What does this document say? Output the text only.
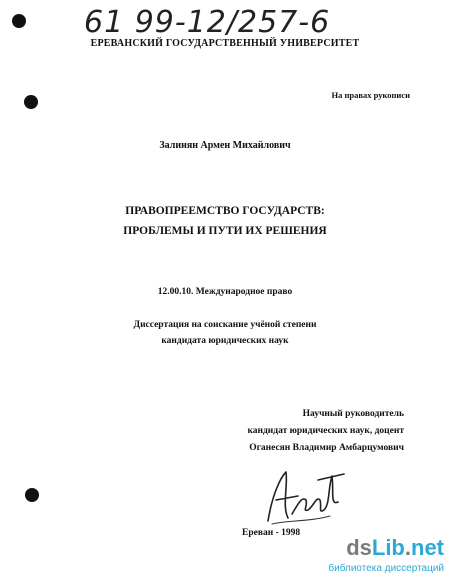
61 99-12/257-6
ЕРЕВАНСКИЙ ГОСУДАРСТВЕННЫЙ УНИВЕРСИТЕТ
На правах рукописи
Залинян Армен Михайлович
ПРАВОПРЕЕМСТВО ГОСУДАРСТВ:
ПРОБЛЕМЫ И ПУТИ ИХ РЕШЕНИЯ
12.00.10. Международное право
Диссертация на соискание учёной степени
кандидата юридических наук
Научный руководитель
кандидат юридических наук, доцент
Оганесян Владимир Амбарцумович
Ереван - 1998
dsLib.net
библиотека диссертаций
